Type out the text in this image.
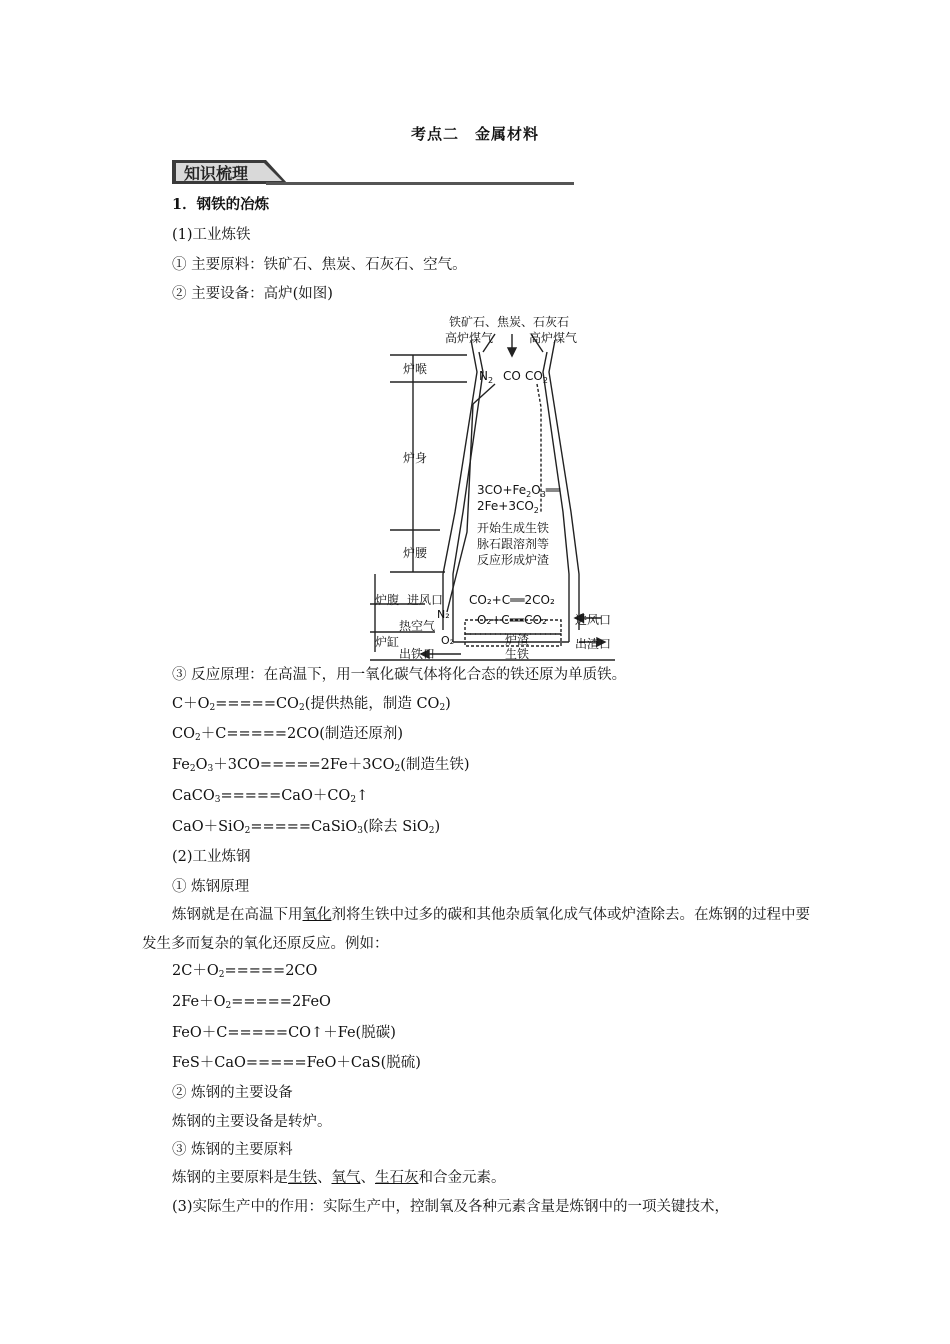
考点二　金属材料
知识梳理
1．钢铁的冶炼
(1)工业炼铁
① 主要原料：铁矿石、焦炭、石灰石、空气。
② 主要设备：高炉(如图)
铁矿石、焦炭、石灰石
高炉煤气	高炉煤气
$N_2$ CO $CO_2$
炉喉
炉身
炉腰
炉腹
炉缸
$3CO+Fe_2O_3══$
$2Fe+3CO_2$
开始生成生铁
脉石跟溶剂等
反应形成炉渣
CO₂+C══2CO₂
O₂+C══CO₂
进风口
进风口
热空气
N₂
O₂	炉渣
生铁
出铁口
出渣口
③ 反应原理：在高温下，用一氧化碳气体将化合态的铁还原为单质铁。
$C+O_2=====CO_2$(提供热能，制造 $CO_2$)
$CO_2+C=====2CO$(制造还原剂)
$Fe_2O_3+3CO=====2Fe+3CO_2$(制造生铁)
$CaCO_3=====CaO+CO_2↑$
CaO＋SiO$_2$=====CaSiO$_3$(除去 SiO$_2$)
(2)工业炼钢
① 炼钢原理
炼钢就是在高温下用氧化剂将生铁中过多的碳和其他杂质氧化成气体或炉渣除去。在炼钢的过程中要发生多而复杂的氧化还原反应。例如：
$2C+O_2=====2CO$
$2Fe+O_2=====2FeO$
FeO＋C=====CO↑＋Fe(脱碳)
FeS＋CaO=====FeO＋CaS(脱硫)
② 炼钢的主要设备
炼钢的主要设备是转炉。
③ 炼钢的主要原料
炼钢的主要原料是生铁、氧气、生石灰和合金元素。
(3)实际生产中的作用：实际生产中，控制氧及各种元素含量是炼钢中的一项关键技术，
